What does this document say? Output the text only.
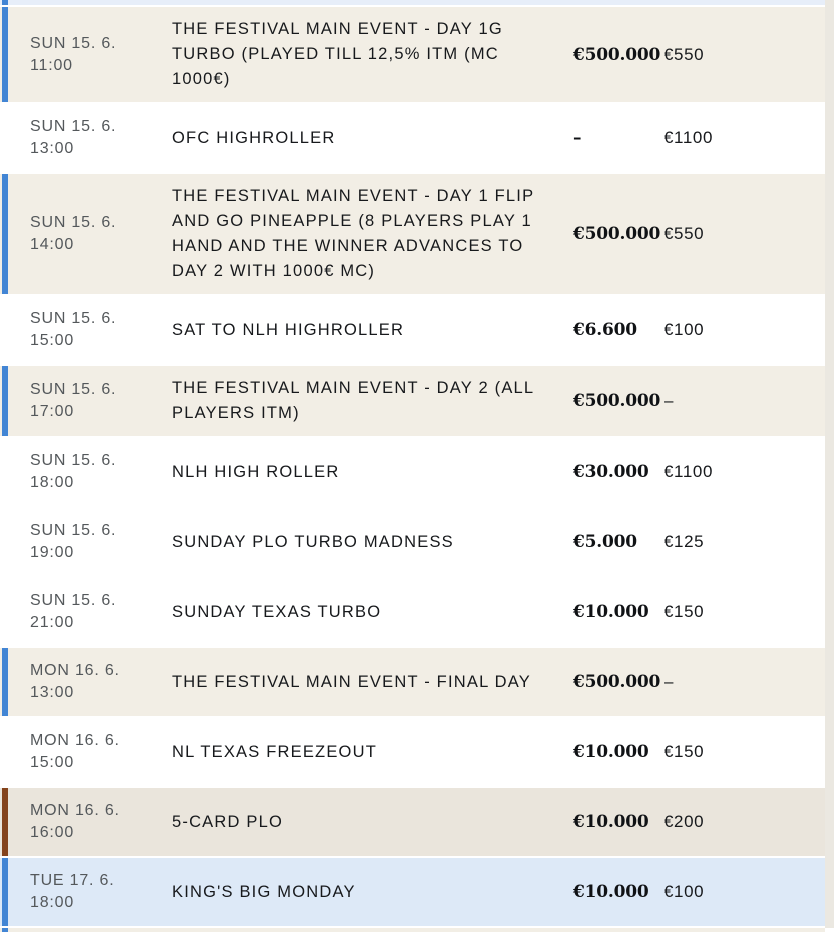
SUN 15. 6.
11:00
THE FESTIVAL MAIN EVENT - DAY 1G TURBO (PLAYED TILL 12,5% ITM (MC 1000€)
€500.000 €550
SUN 15. 6.
13:00
OFC HIGHROLLER	–	€1100
SUN 15. 6.
14:00
THE FESTIVAL MAIN EVENT - DAY 1 FLIP AND GO PINEAPPLE (8 PLAYERS PLAY 1 HAND AND THE WINNER ADVANCES TO DAY 2 WITH 1000€ MC)
€500.000 €550
SUN 15. 6.
15:00
SAT TO NLH HIGHROLLER	€6.600	€100
SUN 15. 6.
17:00
THE FESTIVAL MAIN EVENT - DAY 2 (ALL PLAYERS ITM)
€500.000 –
SUN 15. 6.
18:00
NLH HIGH ROLLER	€30.000 €1100
SUN 15. 6.
19:00
SUNDAY PLO TURBO MADNESS	€5.000	€125
SUN 15. 6.
21:00
SUNDAY TEXAS TURBO	€10.000 €150
MON 16. 6.
13:00
THE FESTIVAL MAIN EVENT - FINAL DAY	€500.000 –
MON 16. 6.
15:00
NL TEXAS FREEZEOUT	€10.000 €150
MON 16. 6.
16:00
5-CARD PLO	€10.000 €200
TUE 17. 6.
18:00
KING'S BIG MONDAY	€10.000 €100
